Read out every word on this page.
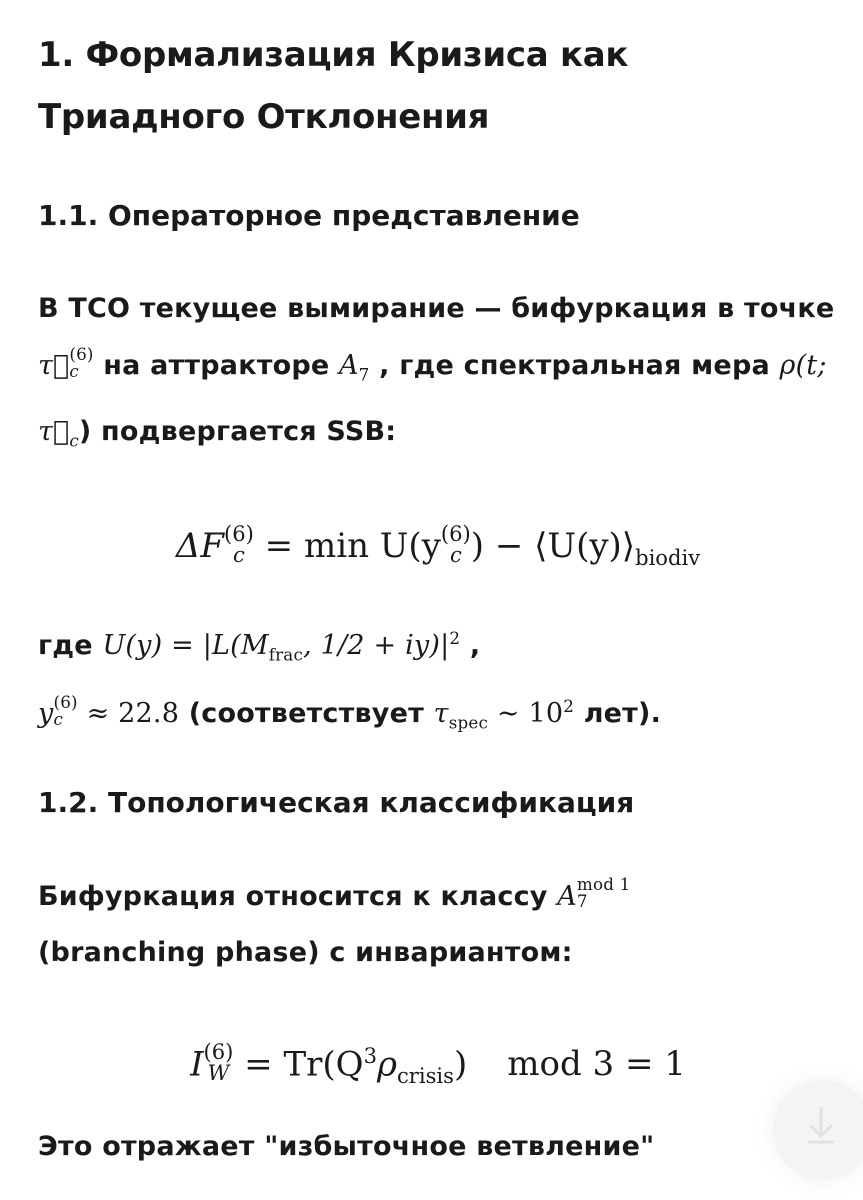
1. Формализация Кризиса как Триадного Отклонения
1.1. Операторное представление

В ТСО текущее вымирание — бифуркация в точке τ⃗ (6)
c на аттракторе $A_7$ , где спектральная мера ρ(t; $\tau⃗_c$) подвергается SSB:

ΔF (6)
c = min U(y (6)
c ) − $⟨U(y)⟩_{biodiv}$

где $U(y) = |L(M_{frac}$, $1/2 + iy)|^2$ ,
y (6)
c ≈ 22.8 (соответствует $\tau_{spec}$ ∼ $10^2$ лет).

1.2. Топологическая классификация

Бифуркация относится к классу A mod 1
7

(branching phase) с инвариантом:

I (6)
$W = Tr(Q^3\rho_{crisis})$ mod 3 = 1

Это отражает "избыточное ветвление"
